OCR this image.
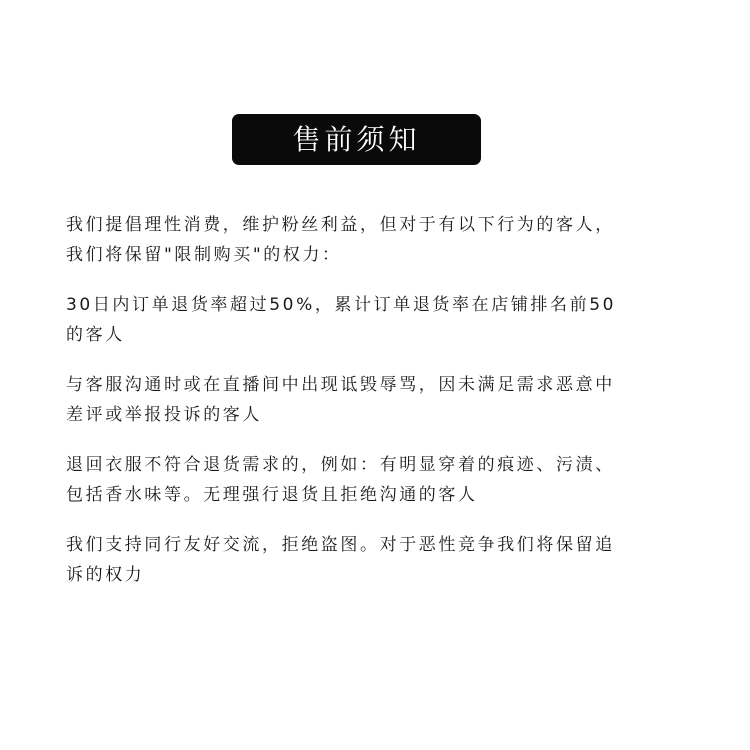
售前须知

我们提倡理性消费，维护粉丝利益，但对于有以下行为的客人，
我们将保留"限制购买"的权力：

30日内订单退货率超过50%，累计订单退货率在店铺排名前50
的客人

与客服沟通时或在直播间中出现诋毁辱骂，因未满足需求恶意中
差评或举报投诉的客人

退回衣服不符合退货需求的，例如：有明显穿着的痕迹、污渍、
包括香水味等。无理强行退货且拒绝沟通的客人

我们支持同行友好交流，拒绝盗图。对于恶性竞争我们将保留追
诉的权力
